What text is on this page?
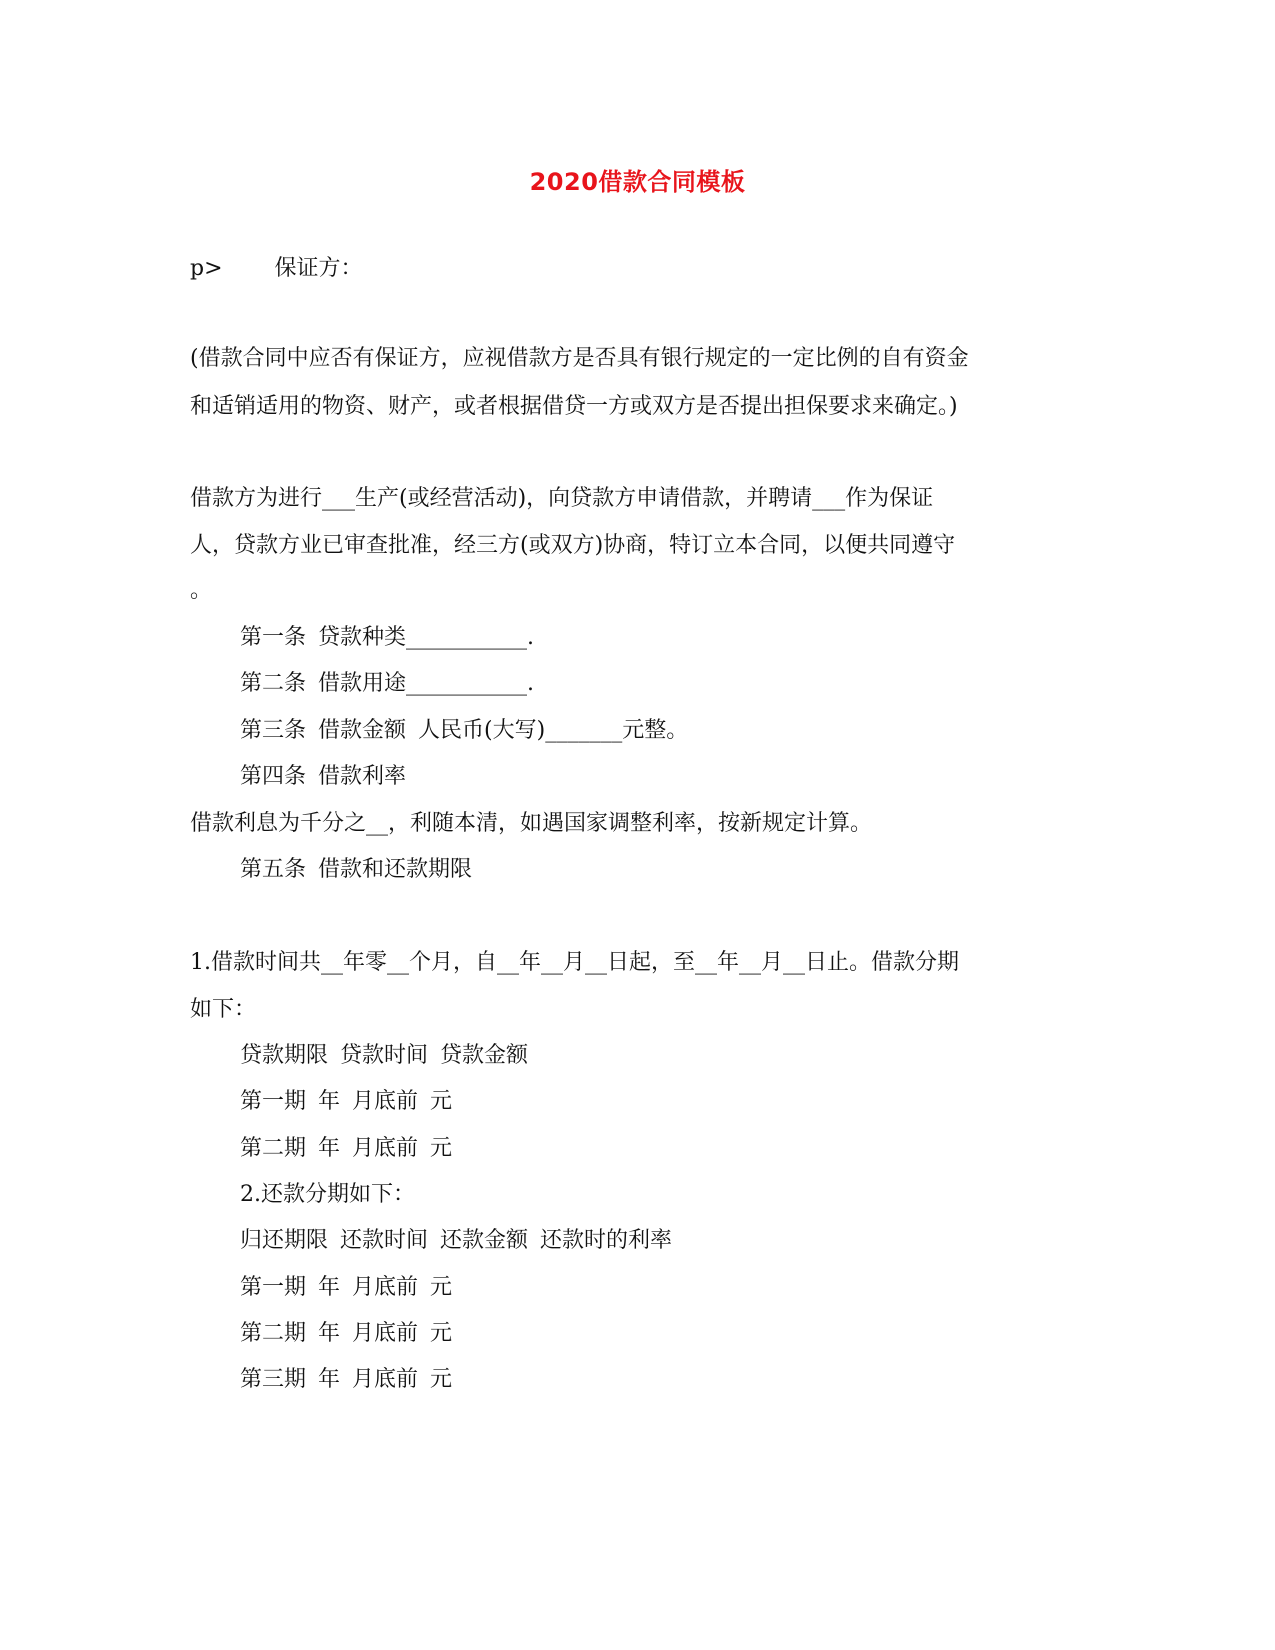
2020借款合同模板
p> 保证方：
(借款合同中应否有保证方，应视借款方是否具有银行规定的一定比例的自有资金
和适销适用的物资、财产，或者根据借贷一方或双方是否提出担保要求来确定。)
借款方为进行___生产(或经营活动)，向贷款方申请借款，并聘请___作为保证
人，贷款方业已审查批准，经三方(或双方)协商，特订立本合同，以便共同遵守
。
第一条 贷款种类___________.
第二条 借款用途___________.
第三条 借款金额 人民币(大写)_______元整。
第四条 借款利率
借款利息为千分之__，利随本清，如遇国家调整利率，按新规定计算。
第五条 借款和还款期限
1.借款时间共__年零__个月，自__年__月__日起，至__年__月__日止。借款分期
如下：
贷款期限 贷款时间 贷款金额
第一期 年 月底前 元
第二期 年 月底前 元
2.还款分期如下：
归还期限 还款时间 还款金额 还款时的利率
第一期 年 月底前 元
第二期 年 月底前 元
第三期 年 月底前 元
